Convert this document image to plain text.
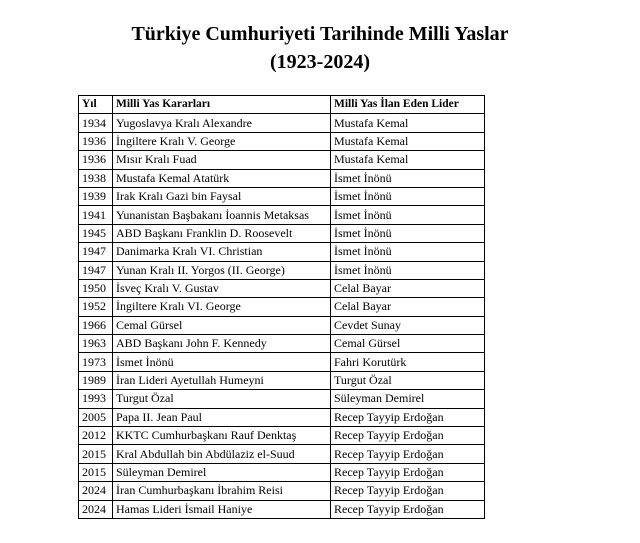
Türkiye Cumhuriyeti Tarihinde Milli Yaslar
(1923-2024)
Yıl	Milli Yas Kararları	Milli Yas İlan Eden Lider
1934	Yugoslavya Kralı Alexandre	Mustafa Kemal
1936	İngiltere Kralı V. George	Mustafa Kemal
1936	Mısır Kralı Fuad	Mustafa Kemal
1938	Mustafa Kemal Atatürk	İsmet İnönü
1939	Irak Kralı Gazi bin Faysal	İsmet İnönü
1941	Yunanistan Başbakanı İoannis Metaksas	İsmet İnönü
1945	ABD Başkanı Franklin D. Roosevelt	İsmet İnönü
1947	Danimarka Kralı VI. Christian	İsmet İnönü
1947	Yunan Kralı II. Yorgos (II. George)	İsmet İnönü
1950	İsveç Kralı V. Gustav	Celal Bayar
1952	İngiltere Kralı VI. George	Celal Bayar
1966	Cemal Gürsel	Cevdet Sunay
1963	ABD Başkanı John F. Kennedy	Cemal Gürsel
1973	İsmet İnönü	Fahri Korutürk
1989	İran Lideri Ayetullah Humeyni	Turgut Özal
1993	Turgut Özal	Süleyman Demirel
2005	Papa II. Jean Paul	Recep Tayyip Erdoğan
2012	KKTC Cumhurbaşkanı Rauf Denktaş	Recep Tayyip Erdoğan
2015	Kral Abdullah bin Abdülaziz el-Suud	Recep Tayyip Erdoğan
2015	Süleyman Demirel	Recep Tayyip Erdoğan
2024	İran Cumhurbaşkanı İbrahim Reisi	Recep Tayyip Erdoğan
2024	Hamas Lideri İsmail Haniye	Recep Tayyip Erdoğan
